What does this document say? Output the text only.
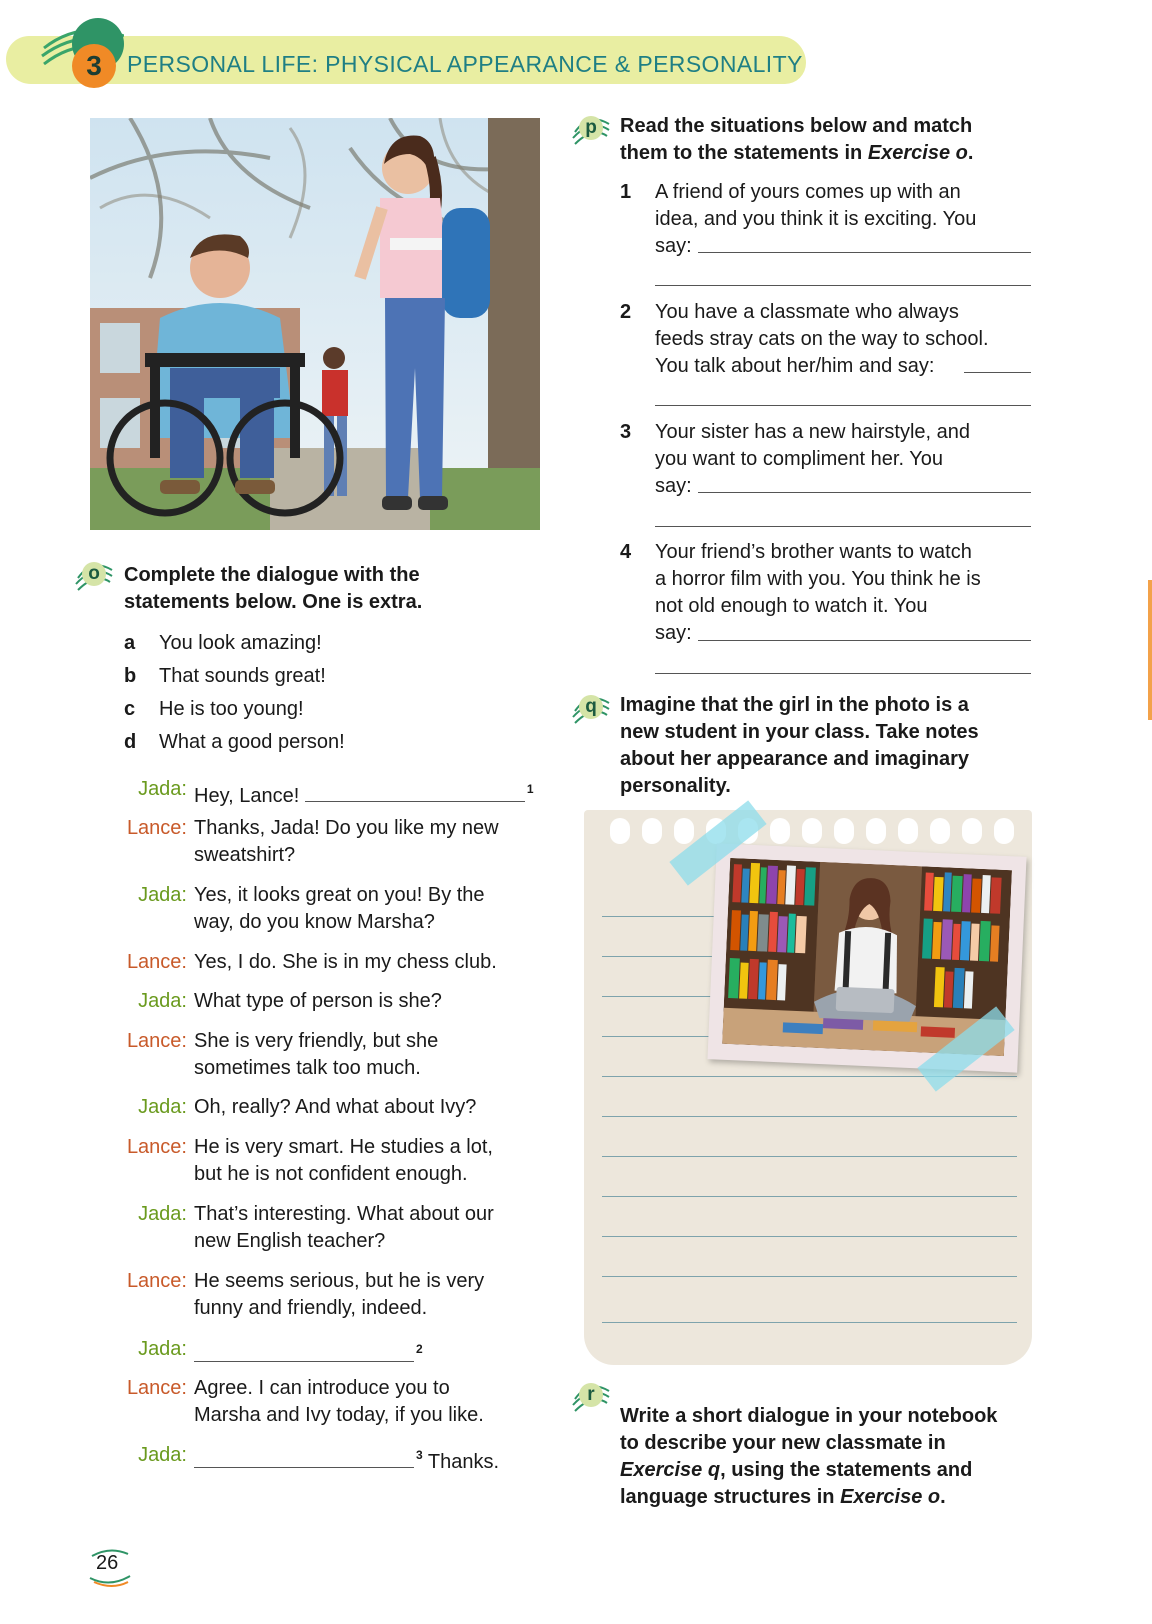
3	PERSONAL LIFE: PHYSICAL APPEARANCE & PERSONALITY
o	Complete the dialogue with the
statements below. One is extra.
a You look amazing!
b That sounds great!
c He is too young!
d What a good person!
Jada: Hey, Lance!	$^1$
Lance: Thanks, Jada! Do you like my new
sweatshirt?
Jada: Yes, it looks great on you! By the
way, do you know Marsha?
Lance: Yes, I do. She is in my chess club.
Jada: What type of person is she?
Lance: She is very friendly, but she
sometimes talk too much.
Jada: Oh, really? And what about Ivy?
Lance: He is very smart. He studies a lot,
but he is not confident enough.
Jada: That’s interesting. What about our
new English teacher?
Lance: He seems serious, but he is very
funny and friendly, indeed.
Jada:	$^2$
Lance: Agree. I can introduce you to
Marsha and Ivy today, if you like.
Jada:	$^3$ Thanks.
p	Read the situations below and match
them to the statements in Exercise o.
1 A friend of yours comes up with an
idea, and you think it is exciting. You
say:
2 You have a classmate who always
feeds stray cats on the way to school.
You talk about her/him and say:
3 Your sister has a new hairstyle, and
you want to compliment her. You
say:
4 Your friend’s brother wants to watch
a horror film with you. You think he is
not old enough to watch it. You
say:
q	Imagine that the girl in the photo is a
new student in your class. Take notes
about her appearance and imaginary
personality.
r
Write a short dialogue in your notebook
to describe your new classmate in
Exercise q, using the statements and
language structures in Exercise o.
26
